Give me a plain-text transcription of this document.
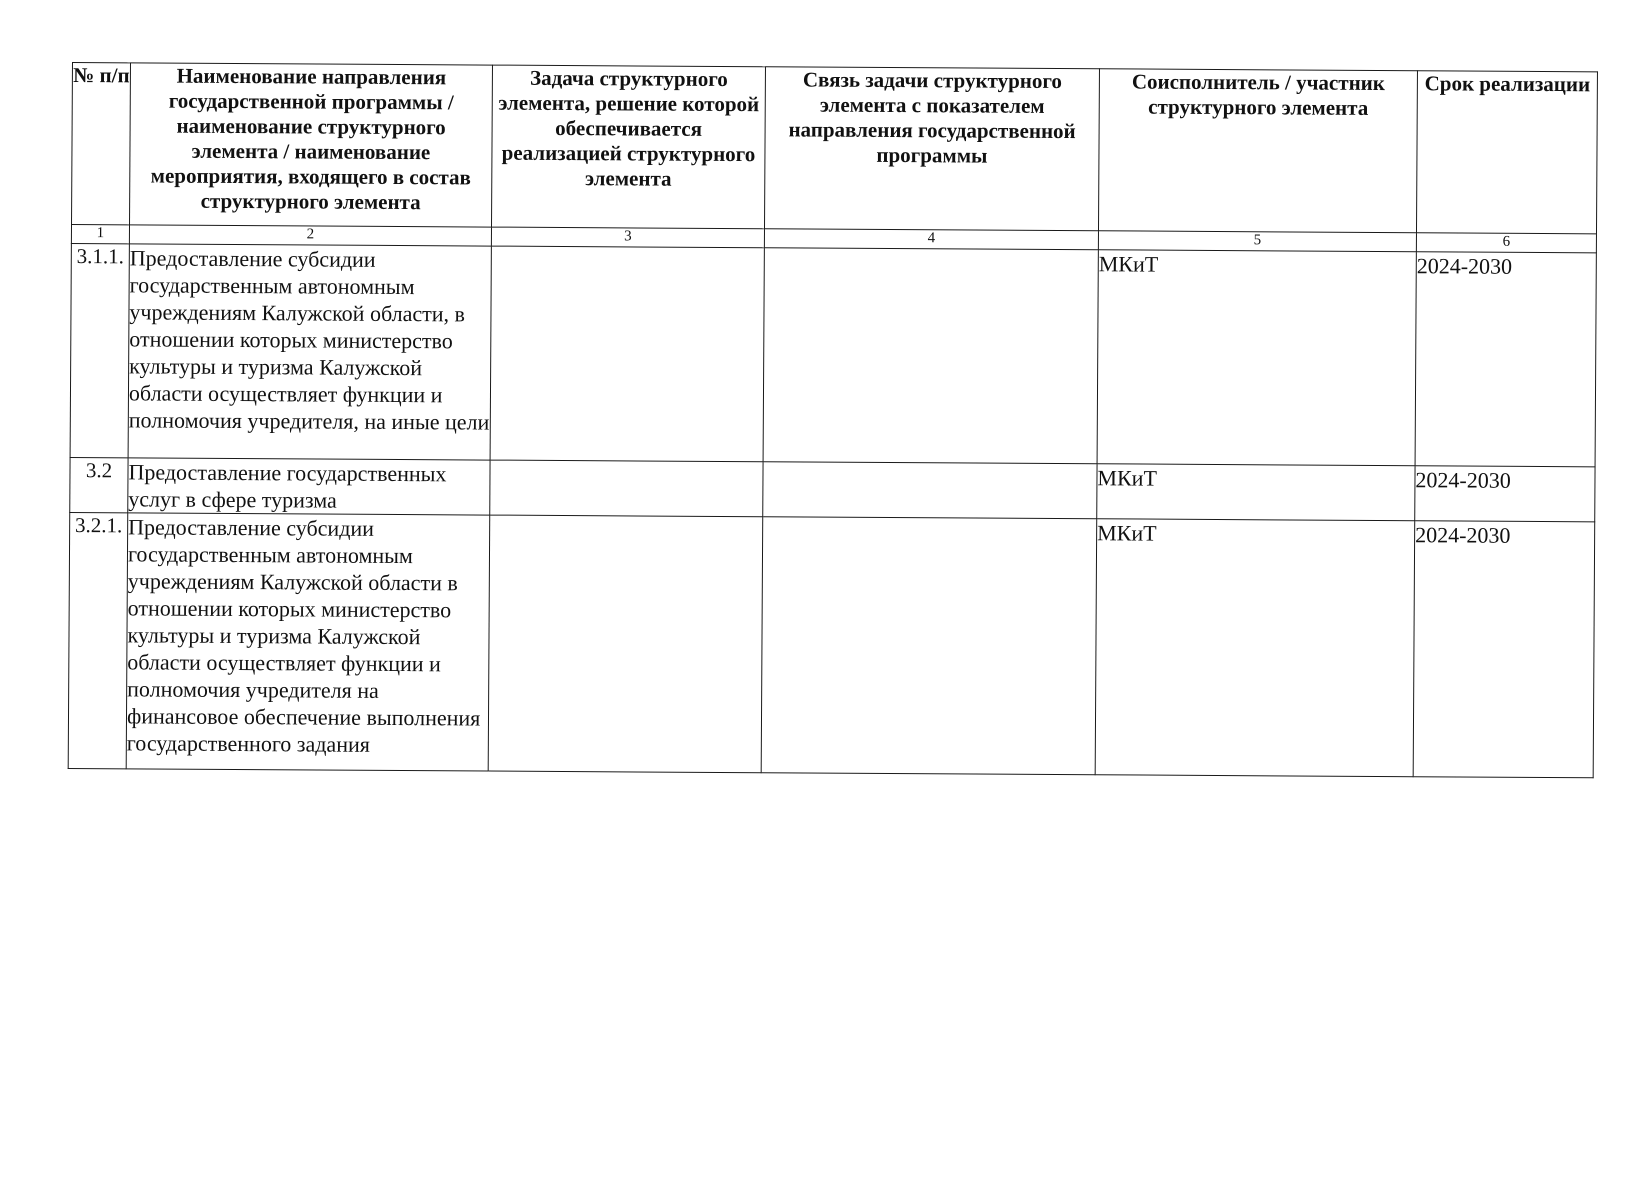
№ п/п	Наименование направления государственной программы / наименование структурного элемента / наименование мероприятия, входящего в состав структурного элемента	Задача структурного элемента, решение которой обеспечивается реализацией структурного элемента	Связь задачи структурного элемента с показателем направления государственной программы	Соисполнитель / участник структурного элемента	Срок реализации
1	2	3	4	5	6
3.1.1.	Предоставление субсидии государственным автономным учреждениям Калужской области, в отношении которых министерство культуры и туризма Калужской области осуществляет функции и полномочия учредителя, на иные цели			МКиТ	2024-2030
3.2	Предоставление государственных услуг в сфере туризма			МКиТ	2024-2030
3.2.1.	Предоставление субсидии государственным автономным учреждениям Калужской области в отношении которых министерство культуры и туризма Калужской области осуществляет функции и полномочия учредителя на финансовое обеспечение выполнения государственного задания			МКиТ	2024-2030
